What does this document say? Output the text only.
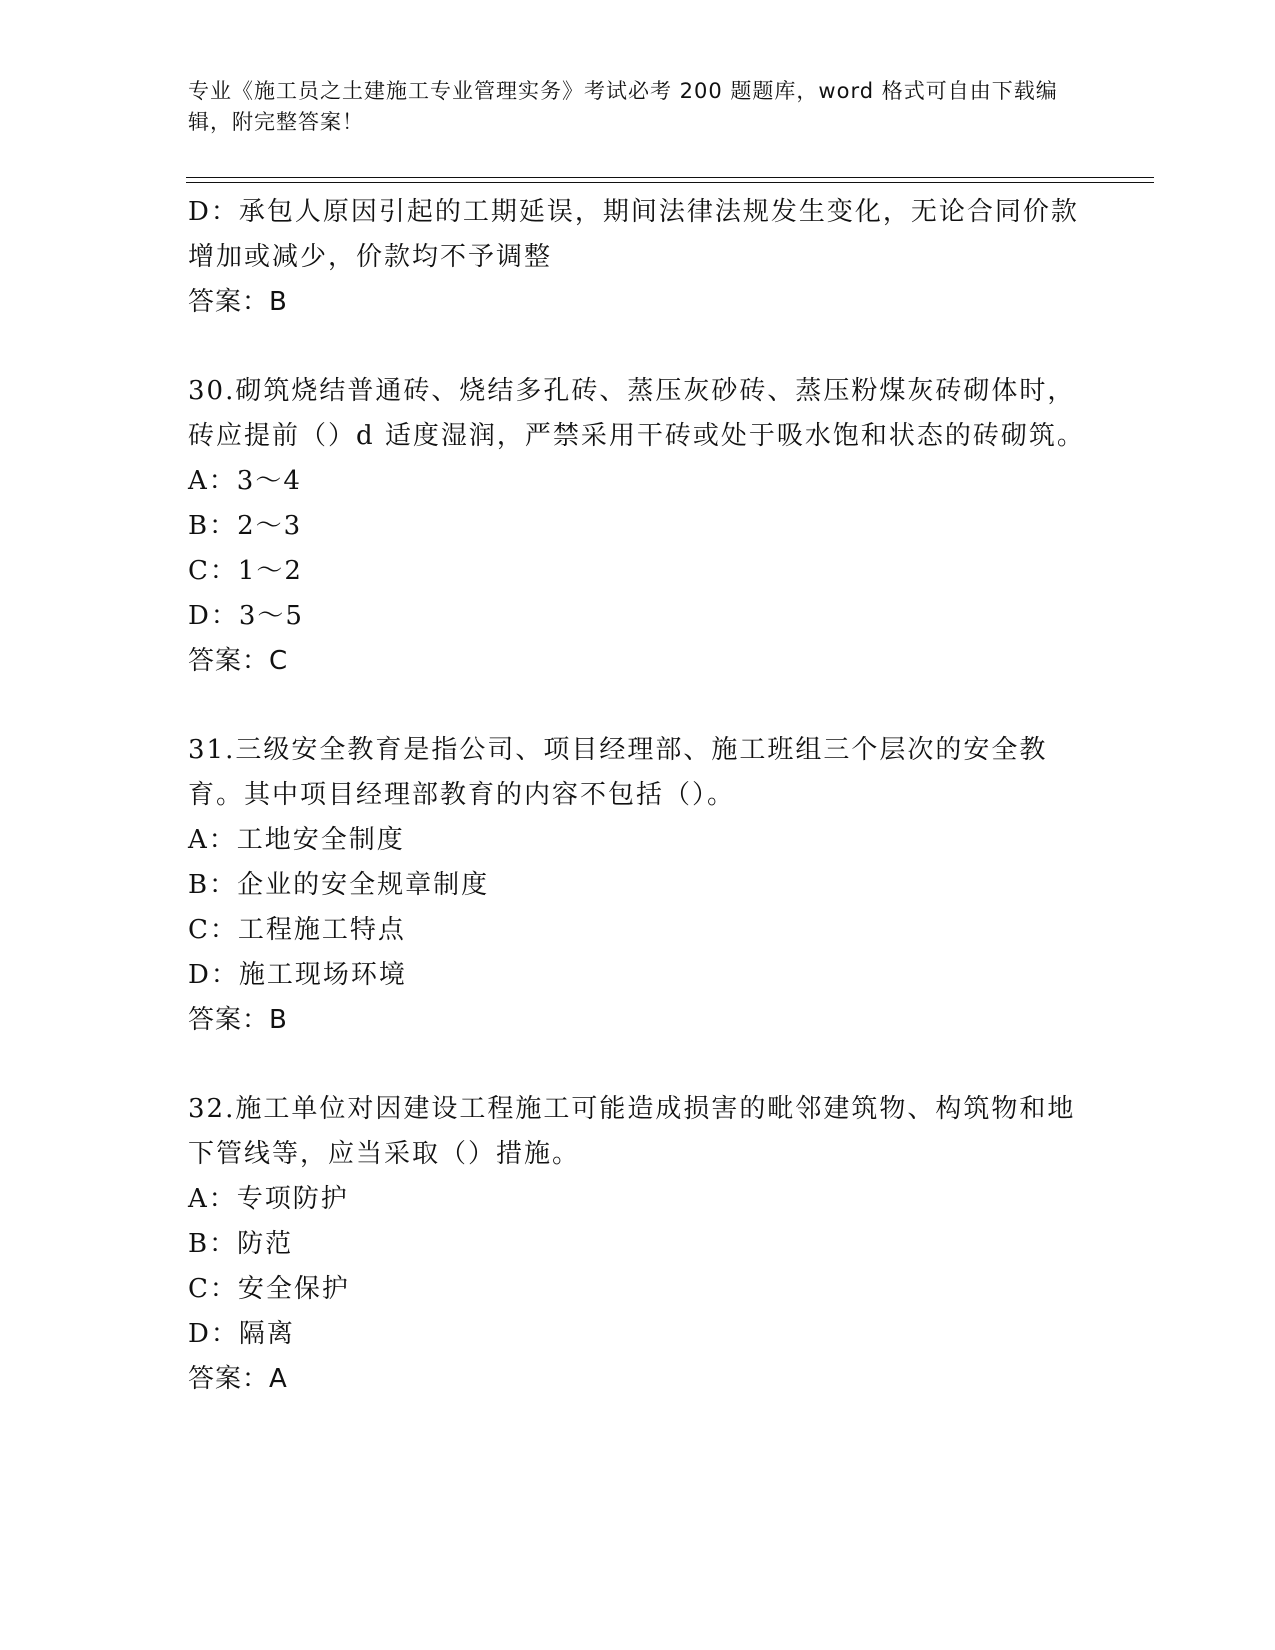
专业《施工员之土建施工专业管理实务》考试必考 200 题题库，word 格式可自由下载编辑，附完整答案！
D：承包人原因引起的工期延误，期间法律法规发生变化，无论合同价款增加或减少，价款均不予调整
答案：B
30.砌筑烧结普通砖、烧结多孔砖、蒸压灰砂砖、蒸压粉煤灰砖砌体时，砖应提前（）d 适度湿润，严禁采用干砖或处于吸水饱和状态的砖砌筑。
A：3～4
B：2～3
C：1～2
D：3～5
答案：C
31.三级安全教育是指公司、项目经理部、施工班组三个层次的安全教育。其中项目经理部教育的内容不包括（）。
A：工地安全制度
B：企业的安全规章制度
C：工程施工特点
D：施工现场环境
答案：B
32.施工单位对因建设工程施工可能造成损害的毗邻建筑物、构筑物和地下管线等，应当采取（）措施。
A：专项防护
B：防范
C：安全保护
D：隔离
答案：A
